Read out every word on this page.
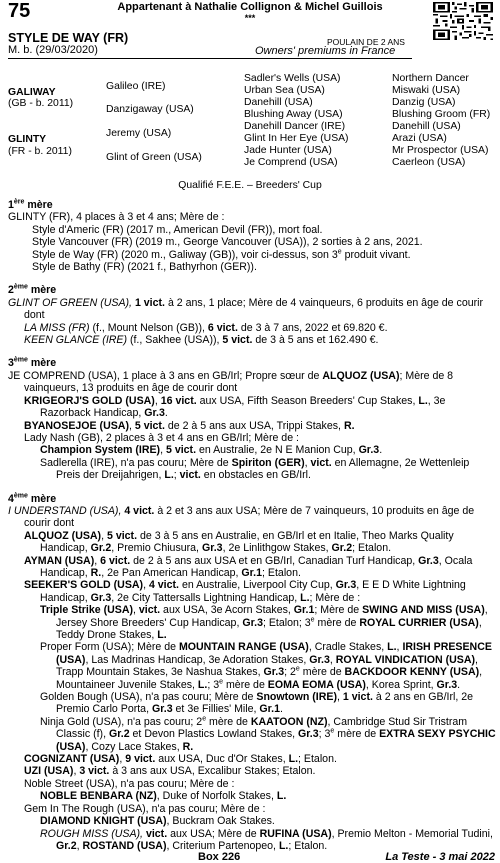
75	Appartenant à Nathalie Collignon & Michel Guillois
***
STYLE DE WAY (FR)
M. b. (29/03/2020)
POULAIN DE 2 ANS
Owners' premiums in France
GALIWAY
(GB - b. 2011)
GLINTY
(FR - b. 2011)
Galileo (IRE)
Danzigaway (USA)
Jeremy (USA)
Glint of Green (USA)
Sadler's Wells (USA)
Urban Sea (USA)
Danehill (USA)
Blushing Away (USA)
Danehill Dancer (IRE)
Glint In Her Eye (USA)
Jade Hunter (USA)
Je Comprend (USA)
Northern Dancer
Miswaki (USA)
Danzig (USA)
Blushing Groom (FR)
Danehill (USA)
Arazi (USA)
Mr Prospector (USA)
Caerleon (USA)
Qualifié F.E.E. – Breeders' Cup
1ère mère
GLINTY (FR), 4 places à 3 et 4 ans; Mère de :
Style d'Americ (FR) (2017 m., American Devil (FR)), mort foal.
Style Vancouver (FR) (2019 m., George Vancouver (USA)), 2 sorties à 2 ans, 2021.
Style de Way (FR) (2020 m., Galiway (GB)), voir ci-dessus, son 3e produit vivant.
Style de Bathy (FR) (2021 f., Bathyrhon (GER)).
2ème mère
GLINT OF GREEN (USA), 1 vict. à 2 ans, 1 place; Mère de 4 vainqueurs, 6 produits en âge de courir dont
LA MISS (FR) (f., Mount Nelson (GB)), 6 vict. de 3 à 7 ans, 2022 et 69.820 €.
KEEN GLANCE (IRE) (f., Sakhee (USA)), 5 vict. de 3 à 5 ans et 162.490 €.
3ème mère
JE COMPREND (USA), 1 place à 3 ans en GB/Irl; Propre sœur de ALQUOZ (USA); Mère de 8 vainqueurs, 13 produits en âge de courir dont
KRIGEORJ'S GOLD (USA), 16 vict. aux USA, Fifth Season Breeders' Cup Stakes, L., 3e Razorback Handicap, Gr.3.
BYANOSEJOE (USA), 5 vict. de 2 à 5 ans aux USA, Trippi Stakes, R.
Lady Nash (GB), 2 places à 3 et 4 ans en GB/Irl; Mère de :
Champion System (IRE), 5 vict. en Australie, 2e N E Manion Cup, Gr.3.
Sadlerella (IRE), n'a pas couru; Mère de Spiriton (GER), vict. en Allemagne, 2e Wettenleip Preis der Dreijahrigen, L.; vict. en obstacles en GB/Irl.
4ème mère
I UNDERSTAND (USA), 4 vict. à 2 et 3 ans aux USA; Mère de 7 vainqueurs, 10 produits en âge de courir dont
ALQUOZ (USA), 5 vict. de 3 à 5 ans en Australie, en GB/Irl et en Italie, Theo Marks Quality Handicap, Gr.2, Premio Chiusura, Gr.3, 2e Linlithgow Stakes, Gr.2; Etalon.
AYMAN (USA), 6 vict. de 2 à 5 ans aux USA et en GB/Irl, Canadian Turf Handicap, Gr.3, Ocala Handicap, R., 2e Pan American Handicap, Gr.1; Etalon.
SEEKER'S GOLD (USA), 4 vict. en Australie, Liverpool City Cup, Gr.3, E E D White Lightning Handicap, Gr.3, 2e City Tattersalls Lightning Handicap, L.; Mère de :
Triple Strike (USA), vict. aux USA, 3e Acorn Stakes, Gr.1; Mère de SWING AND MISS (USA), Jersey Shore Breeders' Cup Handicap, Gr.3; Etalon; 3e mère de ROYAL CURRIER (USA), Teddy Drone Stakes, L.
Proper Form (USA); Mère de MOUNTAIN RANGE (USA), Cradle Stakes, L., IRISH PRESENCE (USA), Las Madrinas Handicap, 3e Adoration Stakes, Gr.3, ROYAL VINDICATION (USA), Trapp Mountain Stakes, 3e Nashua Stakes, Gr.3; 2e mère de BACKDOOR KENNY (USA), Mountaineer Juvenile Stakes, L.; 3e mère de EOMA EOMA (USA), Korea Sprint, Gr.3.
Golden Bough (USA), n'a pas couru; Mère de Snowtown (IRE), 1 vict. à 2 ans en GB/Irl, 2e Premio Carlo Porta, Gr.3 et 3e Fillies' Mile, Gr.1.
Ninja Gold (USA), n'a pas couru; 2e mère de KAATOON (NZ), Cambridge Stud Sir Tristram Classic (f), Gr.2 et Devon Plastics Lowland Stakes, Gr.3; 3e mère de EXTRA SEXY PSYCHIC (USA), Cozy Lace Stakes, R.
COGNIZANT (USA), 9 vict. aux USA, Duc d'Or Stakes, L.; Etalon.
UZI (USA), 3 vict. à 3 ans aux USA, Excalibur Stakes; Etalon.
Noble Street (USA), n'a pas couru; Mère de :
NOBLE BENBARA (NZ), Duke of Norfolk Stakes, L.
Gem In The Rough (USA), n'a pas couru; Mère de :
DIAMOND KNIGHT (USA), Buckram Oak Stakes.
ROUGH MISS (USA), vict. aux USA; Mère de RUFINA (USA), Premio Melton - Memorial Tudini, Gr.2, ROSTAND (USA), Criterium Partenopeo, L.; Etalon.
Box 226	La Teste - 3 mai 2022
